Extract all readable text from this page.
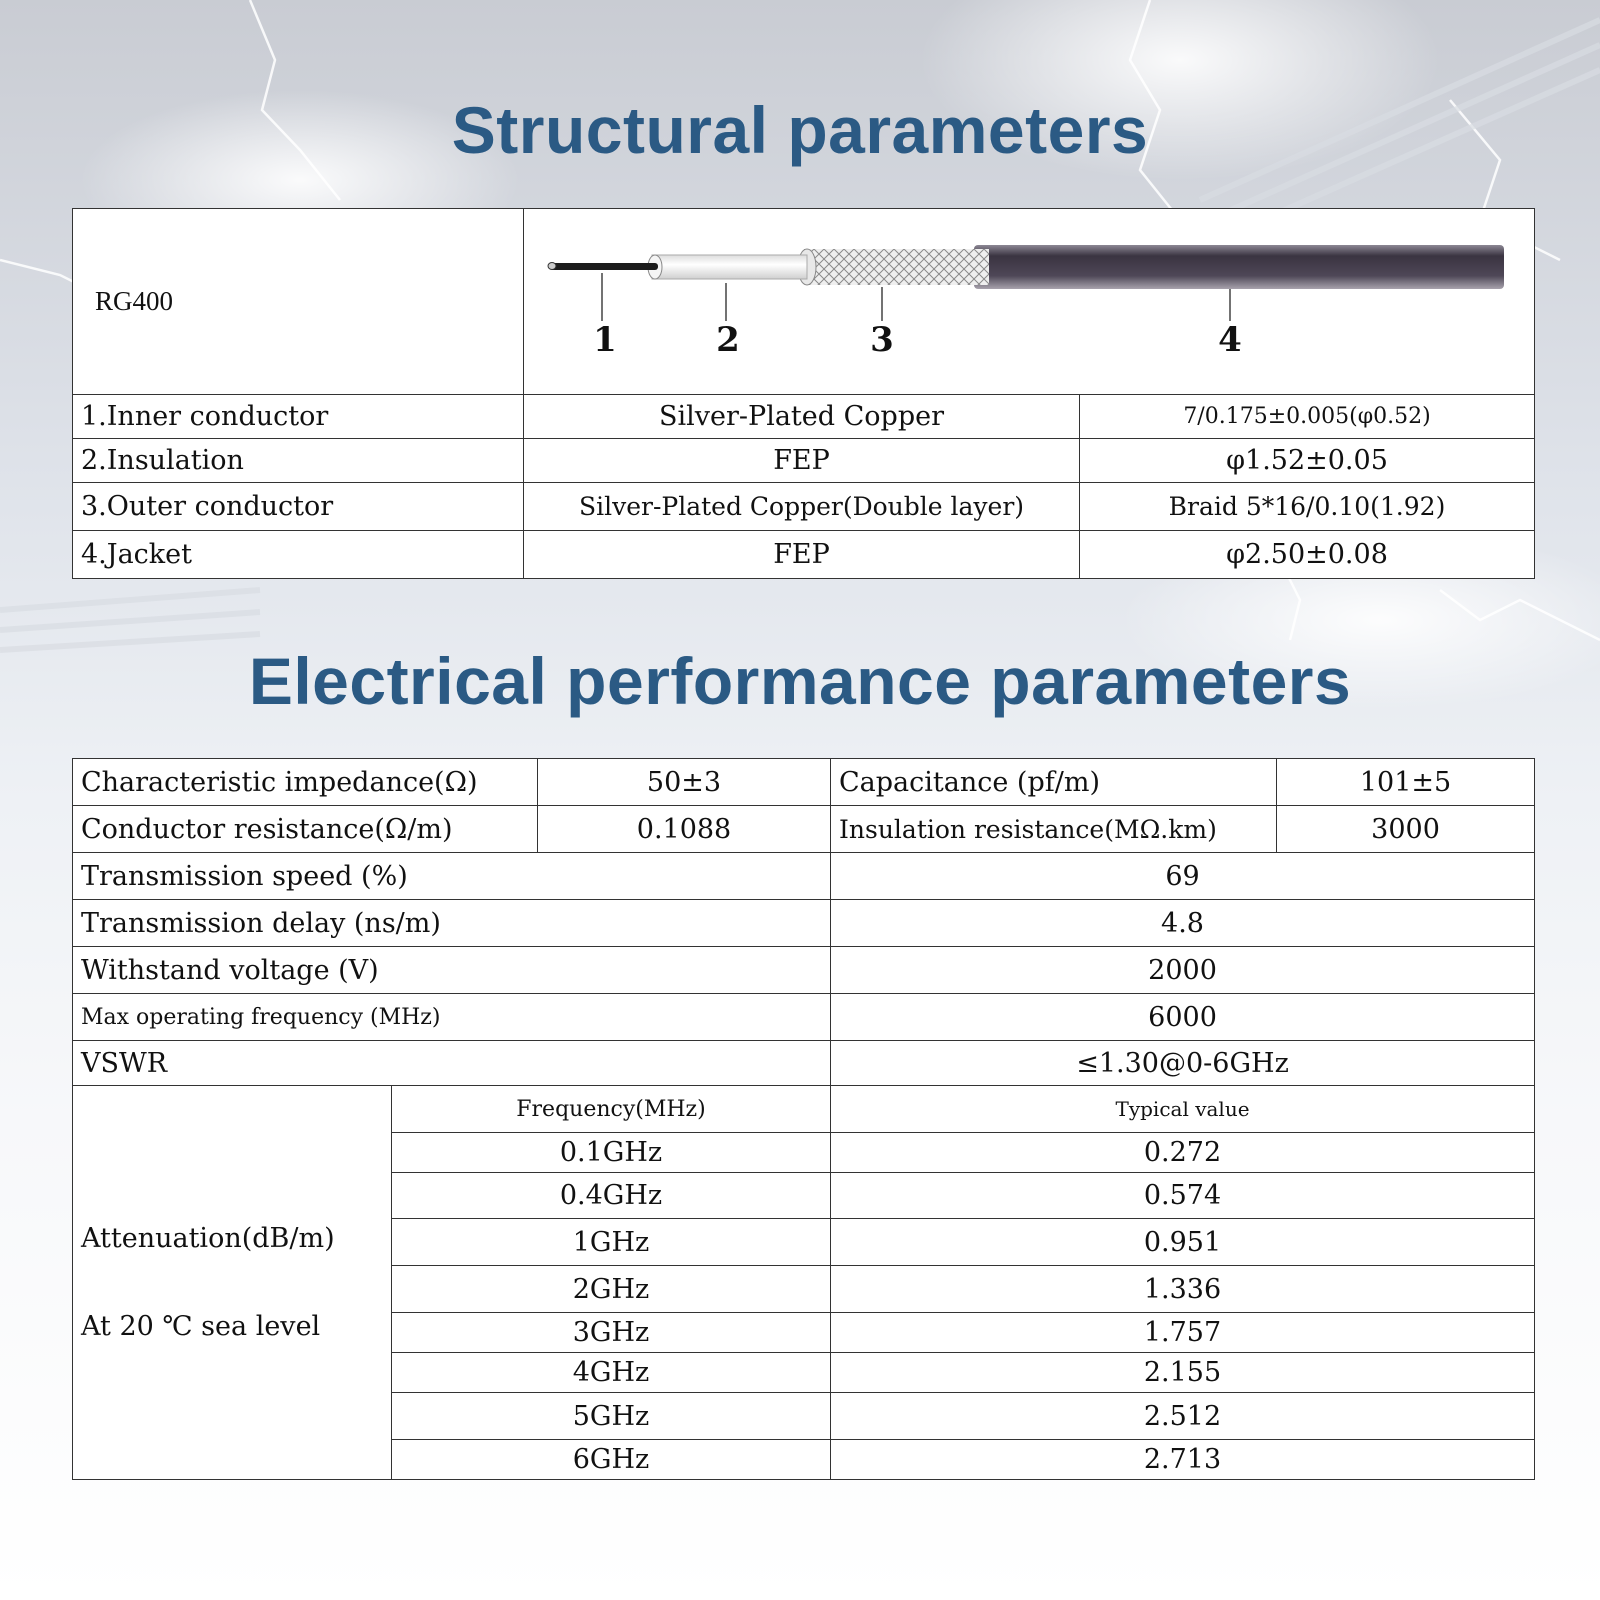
Structural parameters
RG400	1 2 3 4	

1.Inner conductor	Silver-Plated Copper	7/0.175±0.005(φ0.52)
2.Insulation	FEP	φ1.52±0.05
3.Outer conductor	Silver-Plated Copper(Double layer)	Braid 5*16/0.10(1.92)
4.Jacket	FEP	φ2.50±0.08
Electrical performance parameters
Characteristic impedance(Ω)		50±3	Capacitance (pf/m)	101±5
Conductor resistance(Ω/m)		0.1088	Insulation resistance(MΩ.km)	3000
Transmission speed (%)			69	
Transmission delay (ns/m)			4.8	
Withstand voltage (V)			2000	
Max operating frequency (MHz)			6000	
VSWR			≤1.30@0-6GHz	

Attenuation(dB/m)
At 20 ℃ sea level	Frequency(MHz)		Typical value	
	0.1GHz		0.272	
	0.4GHz		0.574	
	1GHz		0.951	
	2GHz		1.336	
	3GHz		1.757	
	4GHz		2.155	
	5GHz		2.512	
	6GHz		2.713	
